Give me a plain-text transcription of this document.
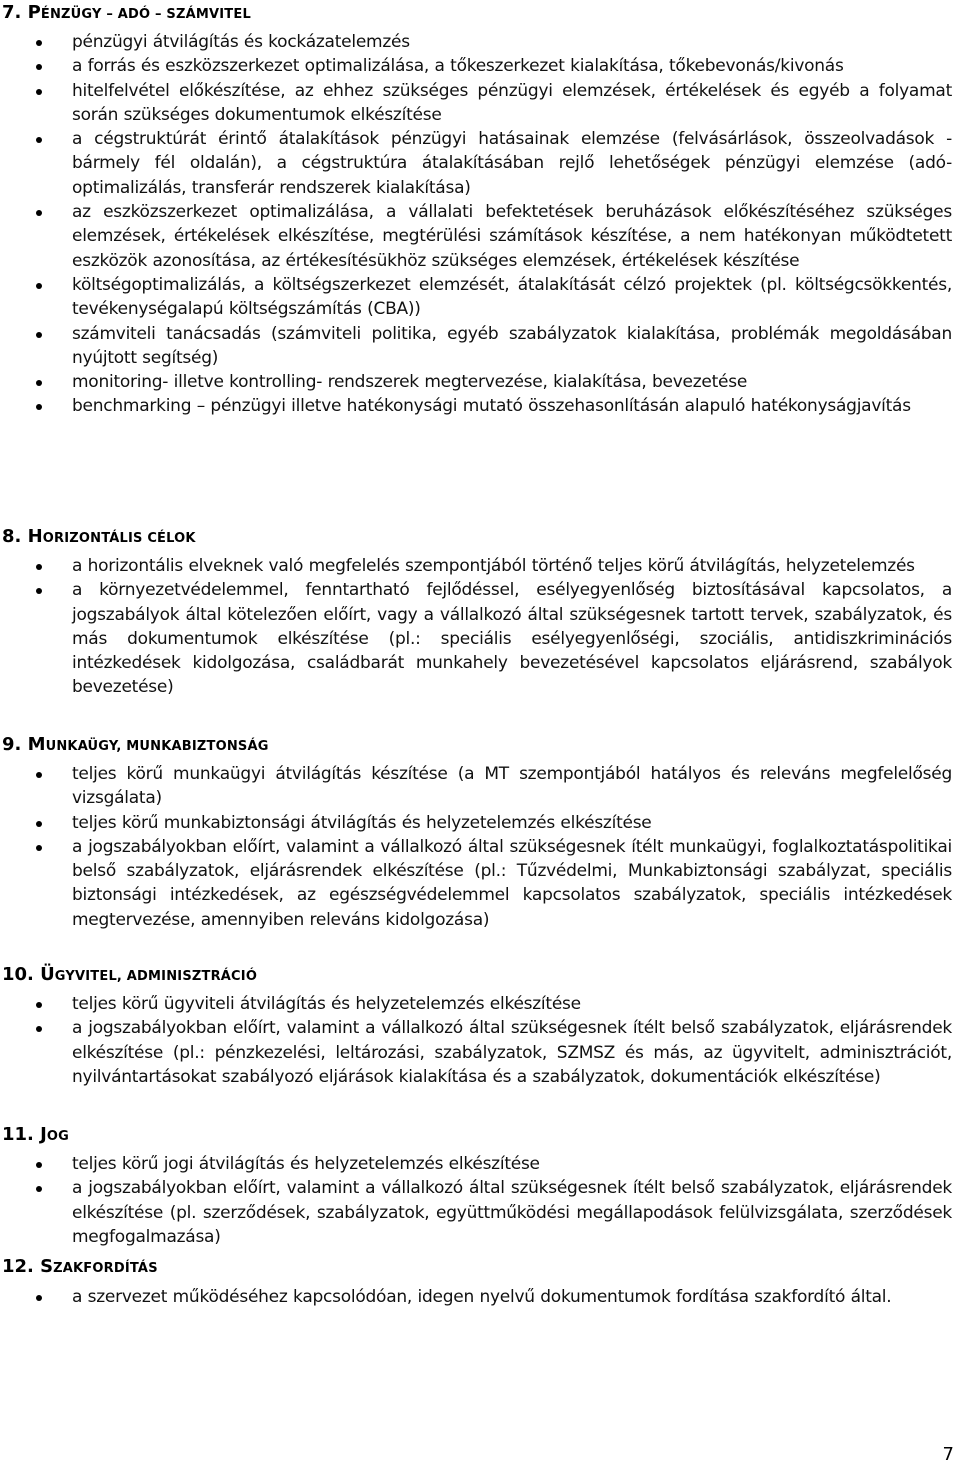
7. PÉNZÜGY – ADÓ – SZÁMVITEL
pénzügyi átvilágítás és kockázatelemzés
a forrás és eszközszerkezet optimalizálása, a tőkeszerkezet kialakítása, tőkebevonás/kivonás
hitelfelvétel előkészítése, az ehhez szükséges pénzügyi elemzések, értékelések és egyéb a folyamat során szükséges dokumentumok elkészítése
a cégstruktúrát érintő átalakítások pénzügyi hatásainak elemzése (felvásárlások, összeolvadások - bármely fél oldalán), a cégstruktúra átalakításában rejlő lehetőségek pénzügyi elemzése (adó-optimalizálás, transferár rendszerek kialakítása)
az eszközszerkezet optimalizálása, a vállalati befektetések beruházások előkészítéséhez szükséges elemzések, értékelések elkészítése, megtérülési számítások készítése, a nem hatékonyan működtetett eszközök azonosítása, az értékesítésükhöz szükséges elemzések, értékelések készítése
költségoptimalizálás, a költségszerkezet elemzését, átalakítását célzó projektek (pl. költségcsökkentés, tevékenységalapú költségszámítás (CBA))
számviteli tanácsadás (számviteli politika, egyéb szabályzatok kialakítása, problémák megoldásában nyújtott segítség)
monitoring- illetve kontrolling- rendszerek megtervezése, kialakítása, bevezetése
benchmarking – pénzügyi illetve hatékonysági mutató összehasonlításán alapuló hatékonyságjavítás
8. HORIZONTÁLIS CÉLOK
a horizontális elveknek való megfelelés szempontjából történő teljes körű átvilágítás, helyzetelemzés
a környezetvédelemmel, fenntartható fejlődéssel, esélyegyenlőség biztosításával kapcsolatos, a jogszabályok által kötelezően előírt, vagy a vállalkozó által szükségesnek tartott tervek, szabályzatok, és más dokumentumok elkészítése (pl.: speciális esélyegyenlőségi, szociális, antidiszkriminációs intézkedések kidolgozása, családbarát munkahely bevezetésével kapcsolatos eljárásrend, szabályok bevezetése)
9. MUNKAÜGY, MUNKABIZTONSÁG
teljes körű munkaügyi átvilágítás készítése (a MT szempontjából hatályos és releváns megfelelőség vizsgálata)
teljes körű munkabiztonsági átvilágítás és helyzetelemzés elkészítése
a jogszabályokban előírt, valamint a vállalkozó által szükségesnek ítélt munkaügyi, foglalkoztatáspolitikai belső szabályzatok, eljárásrendek elkészítése (pl.: Tűzvédelmi, Munkabiztonsági szabályzat, speciális biztonsági intézkedések, az egészségvédelemmel kapcsolatos szabályzatok, speciális intézkedések megtervezése, amennyiben releváns kidolgozása)
10. ÜGYVITEL, ADMINISZTRÁCIÓ
teljes körű ügyviteli átvilágítás és helyzetelemzés elkészítése
a jogszabályokban előírt, valamint a vállalkozó által szükségesnek ítélt belső szabályzatok, eljárásrendek elkészítése (pl.: pénzkezelési, leltározási, szabályzatok, SZMSZ és más, az ügyvitelt, adminisztrációt, nyilvántartásokat szabályozó eljárások kialakítása és a szabályzatok, dokumentációk elkészítése)
11. JOG
teljes körű jogi átvilágítás és helyzetelemzés elkészítése
a jogszabályokban előírt, valamint a vállalkozó által szükségesnek ítélt belső szabályzatok, eljárásrendek elkészítése (pl. szerződések, szabályzatok, együttműködési megállapodások felülvizsgálata, szerződések megfogalmazása)
12. SZAKFORDÍTÁS
a szervezet működéséhez kapcsolódóan, idegen nyelvű dokumentumok fordítása szakfordító által.
7
